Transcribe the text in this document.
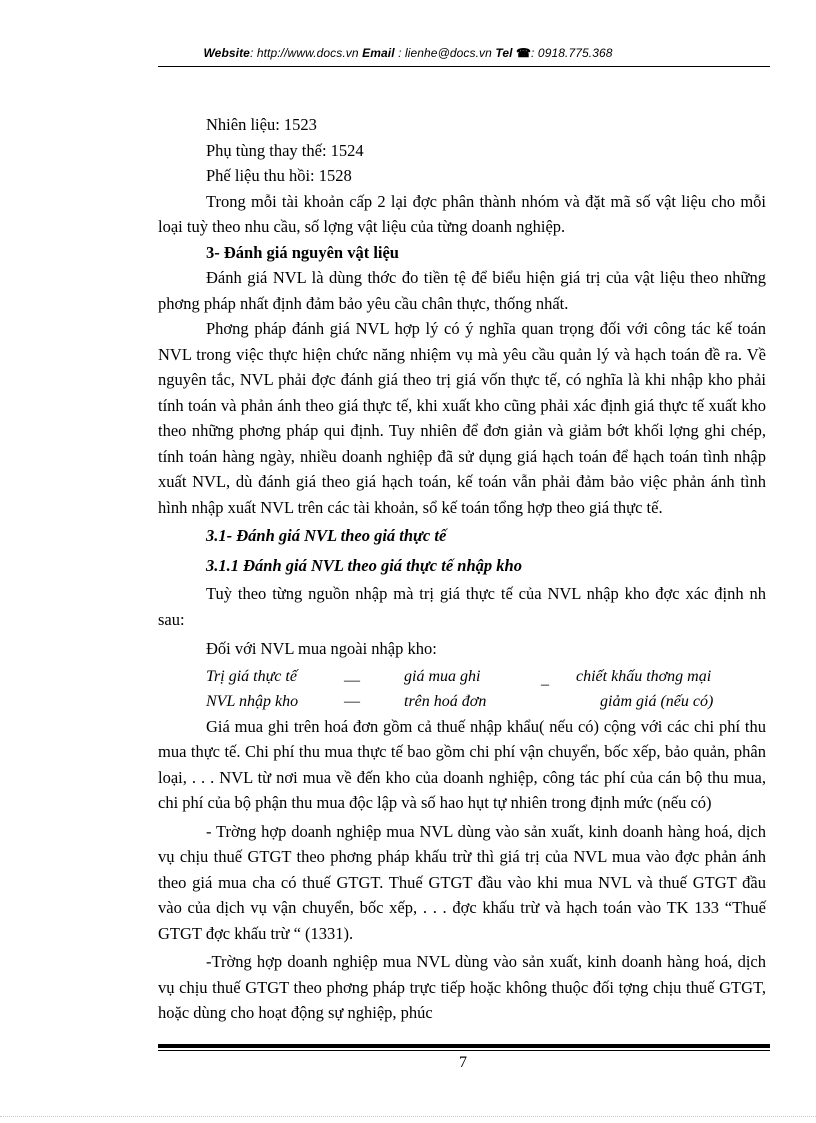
Website: http://www.docs.vn Email : lienhe@docs.vn Tel ☎: 0918.775.368

Nhiên liệu: 1523

Phụ tùng thay thế: 1524

Phế liệu thu hồi: 1528

Trong mỗi tài khoản cấp 2 lại đợc phân thành nhóm và đặt mã số vật liệu cho mỗi loại tuỳ theo nhu cầu, số lợng vật liệu của từng doanh nghiệp.

3- Đánh giá nguyên vật liệu

Đánh giá NVL là dùng thớc đo tiền tệ để biểu hiện giá trị của vật liệu theo những phơng pháp nhất định đảm bảo yêu cầu chân thực, thống nhất.

Phơng pháp đánh giá NVL hợp lý có ý nghĩa quan trọng đối với công tác kế toán NVL trong việc thực hiện chức năng nhiệm vụ mà yêu cầu quản lý và hạch toán đề ra. Về nguyên tắc, NVL phải đợc đánh giá theo trị giá vốn thực tế, có nghĩa là khi nhập kho phải tính toán và phản ánh theo giá thực tế, khi xuất kho cũng phải xác định giá thực tế xuất kho theo những phơng pháp qui định. Tuy nhiên để đơn giản và giảm bớt khối lợng ghi chép, tính toán hàng ngày, nhiều doanh nghiệp đã sử dụng giá hạch toán để hạch toán tình nhập xuất NVL, dù đánh giá theo giá hạch toán, kế toán vẫn phải đảm bảo việc phản ánh tình hình nhập xuất NVL trên các tài khoản, sổ kế toán tổng hợp theo giá thực tế.

3.1- Đánh giá NVL theo giá thực tế

3.1.1 Đánh giá NVL theo giá thực tế nhập kho

Tuỳ theo từng nguồn nhập mà trị giá thực tế của NVL nhập kho đợc xác định nh sau:

Đối với NVL mua ngoài nhập kho:

Trị giá thực tế
NVL nhập kho
—
—
giá mua ghi
trên hoá đơn
– chiết khấu thơng mại
giảm giá (nếu có)

Giá mua ghi trên hoá đơn gồm cả thuế nhập khẩu( nếu có) cộng với các chi phí thu mua thực tế. Chi phí thu mua thực tế bao gồm chi phí vận chuyển, bốc xếp, bảo quản, phân loại, . . . NVL từ nơi mua về đến kho của doanh nghiệp, công tác phí của cán bộ thu mua, chi phí của bộ phận thu mua độc lập và số hao hụt tự nhiên trong định mức (nếu có)

- Trờng hợp doanh nghiệp mua NVL dùng vào sản xuất, kinh doanh hàng hoá, dịch vụ chịu thuế GTGT theo phơng pháp khấu trừ thì giá trị của NVL mua vào đợc phản ánh theo giá mua cha có thuế GTGT. Thuế GTGT đầu vào khi mua NVL và thuế GTGT đầu vào của dịch vụ vận chuyển, bốc xếp, . . . đợc khấu trừ và hạch toán vào TK 133 “Thuế GTGT đợc khấu trừ “ (1331).

-Trờng hợp doanh nghiệp mua NVL dùng vào sản xuất, kinh doanh hàng hoá, dịch vụ chịu thuế GTGT theo phơng pháp trực tiếp hoặc không thuộc đối tợng chịu thuế GTGT, hoặc dùng cho hoạt động sự nghiệp, phúc

7
